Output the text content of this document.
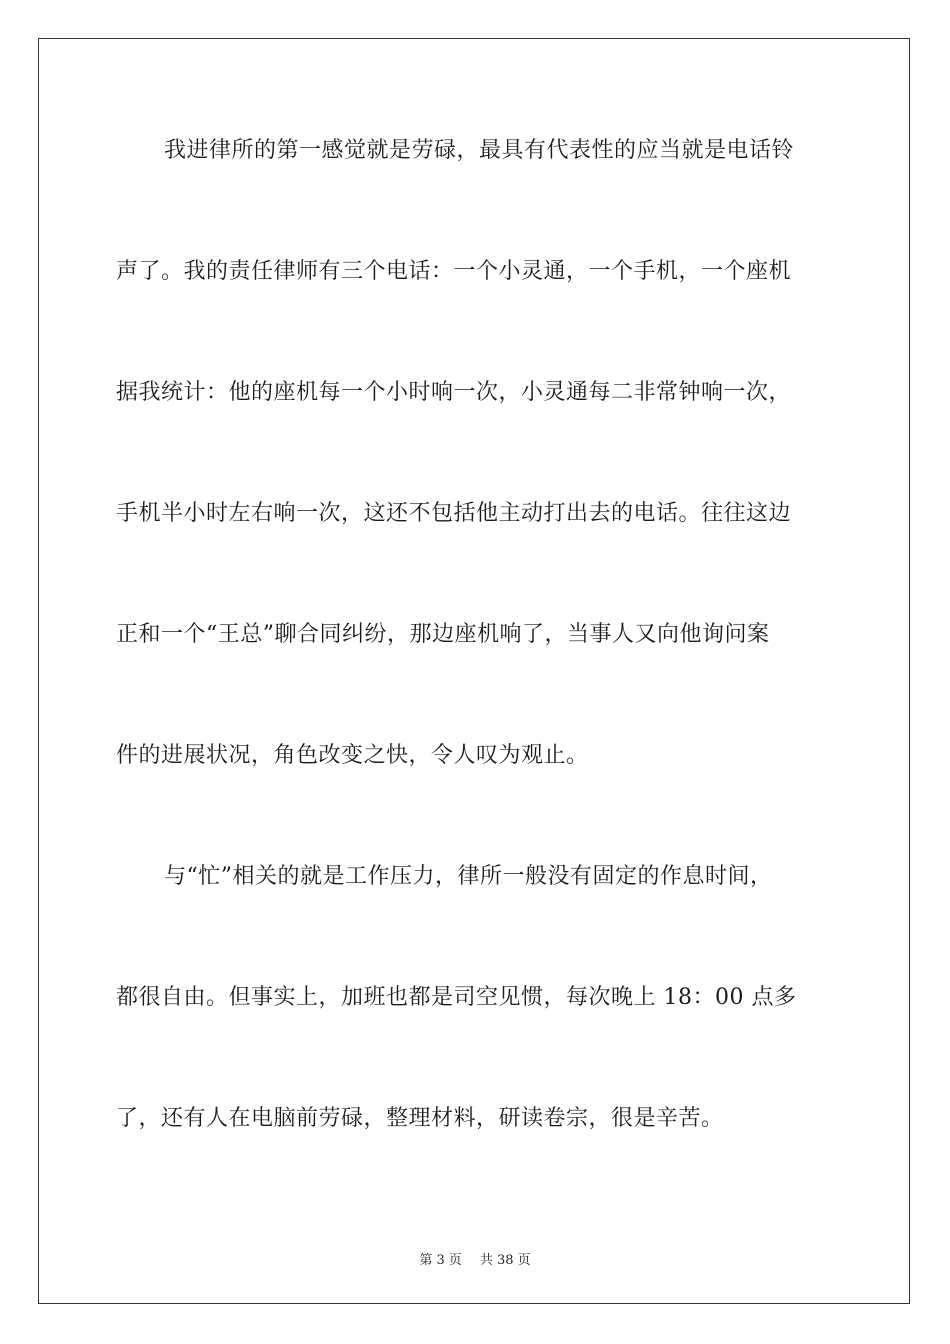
我进律所的第一感觉就是劳碌，最具有代表性的应当就是电话铃
声了。我的责任律师有三个电话：一个小灵通，一个手机，一个座机
据我统计：他的座机每一个小时响一次，小灵通每二非常钟响一次，
手机半小时左右响一次，这还不包括他主动打出去的电话。往往这边
正和一个“王总”聊合同纠纷，那边座机响了，当事人又向他询问案
件的进展状况，角色改变之快，令人叹为观止。
与“忙”相关的就是工作压力，律所一般没有固定的作息时间，
都很自由。但事实上，加班也都是司空见惯，每次晚上 18：00 点多
了，还有人在电脑前劳碌，整理材料，研读卷宗，很是辛苦。
第 3 页 共 38 页
